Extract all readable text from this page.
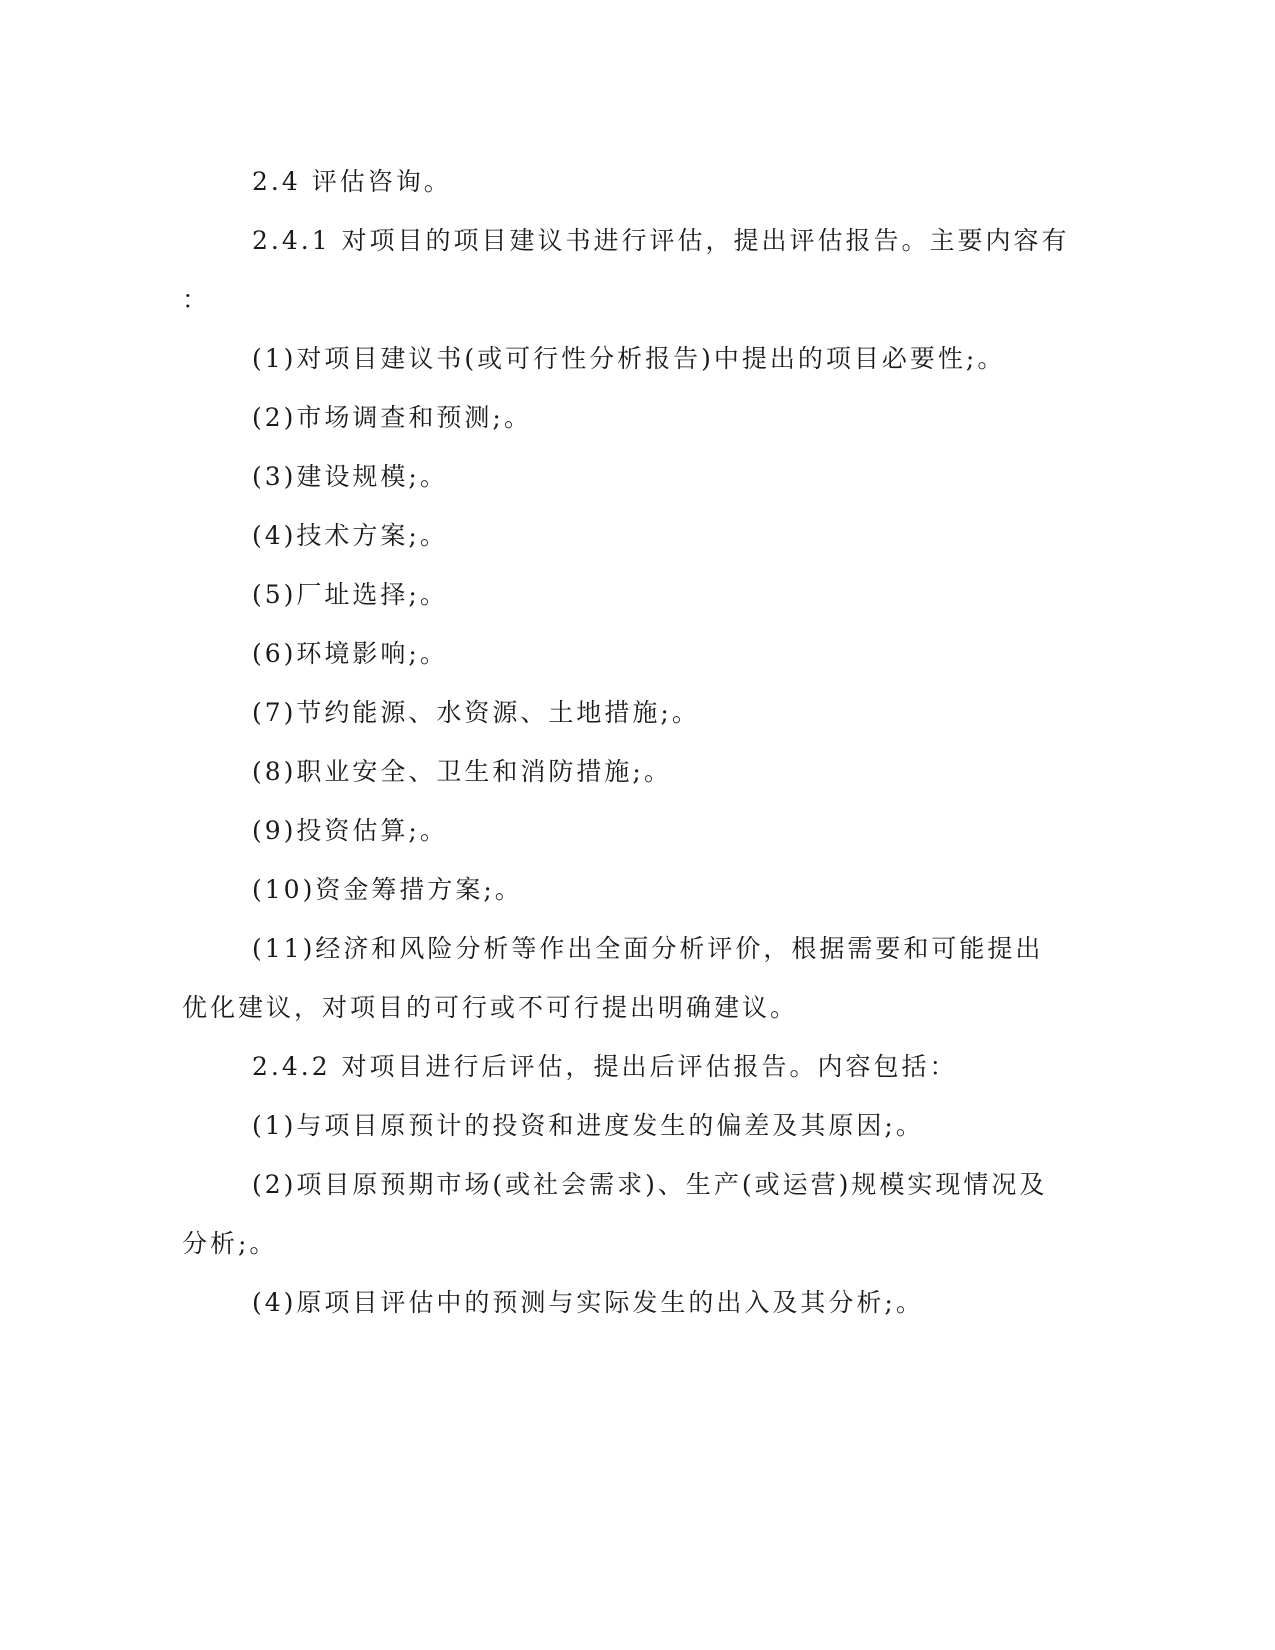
2.4 评估咨询。
2.4.1 对项目的项目建议书进行评估，提出评估报告。主要内容有
：
(1)对项目建议书(或可行性分析报告)中提出的项目必要性;。
(2)市场调查和预测;。
(3)建设规模;。
(4)技术方案;。
(5)厂址选择;。
(6)环境影响;。
(7)节约能源、水资源、土地措施;。
(8)职业安全、卫生和消防措施;。
(9)投资估算;。
(10)资金筹措方案;。
(11)经济和风险分析等作出全面分析评价，根据需要和可能提出
优化建议，对项目的可行或不可行提出明确建议。
2.4.2 对项目进行后评估，提出后评估报告。内容包括：
(1)与项目原预计的投资和进度发生的偏差及其原因;。
(2)项目原预期市场(或社会需求)、生产(或运营)规模实现情况及
分析;。
(4)原项目评估中的预测与实际发生的出入及其分析;。
